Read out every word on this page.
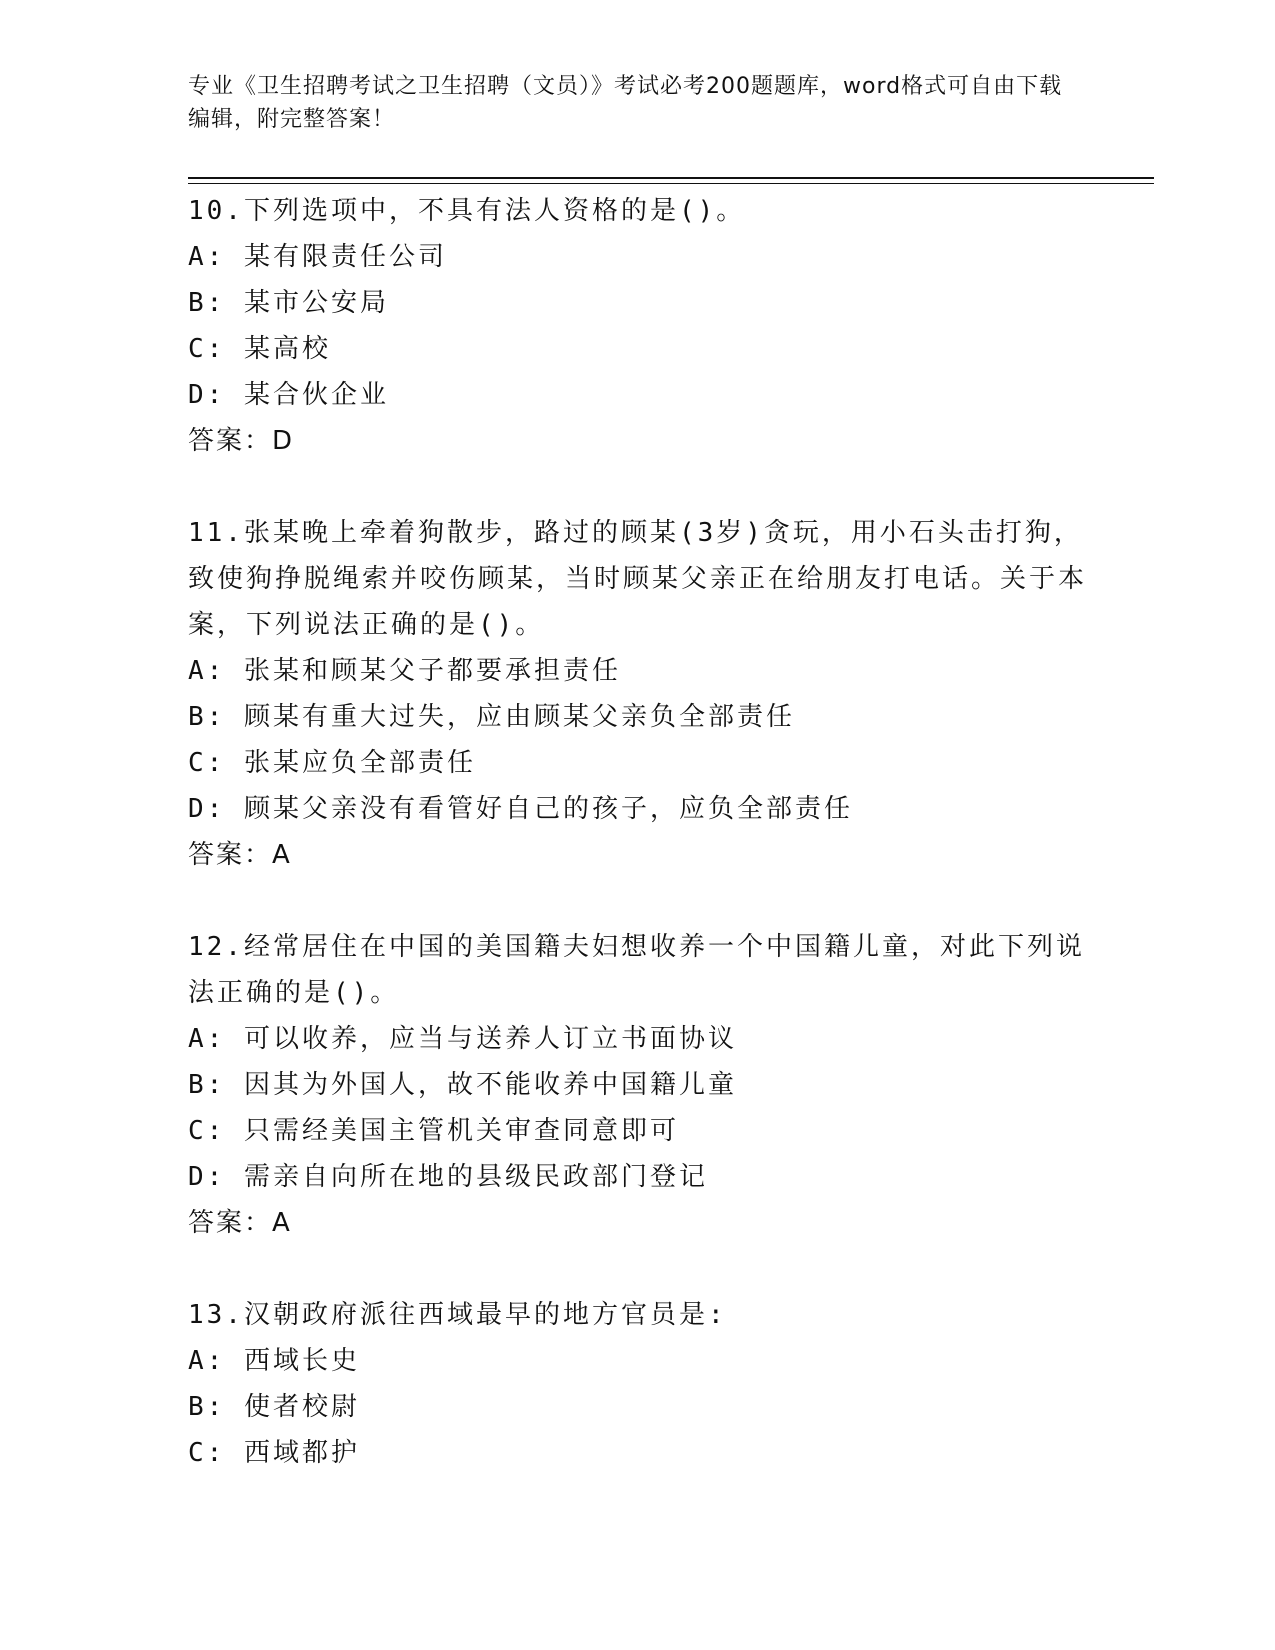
专业《卫生招聘考试之卫生招聘（文员）》考试必考200题题库，word格式可自由下载编辑，附完整答案！
10.下列选项中，不具有法人资格的是()。
A: 某有限责任公司
B: 某市公安局
C: 某高校
D: 某合伙企业
答案：D
11.张某晚上牵着狗散步，路过的顾某(3岁)贪玩，用小石头击打狗，致使狗挣脱绳索并咬伤顾某，当时顾某父亲正在给朋友打电话。关于本案，下列说法正确的是()。
A: 张某和顾某父子都要承担责任
B: 顾某有重大过失，应由顾某父亲负全部责任
C: 张某应负全部责任
D: 顾某父亲没有看管好自己的孩子，应负全部责任
答案：A
12.经常居住在中国的美国籍夫妇想收养一个中国籍儿童，对此下列说法正确的是()。
A: 可以收养，应当与送养人订立书面协议
B: 因其为外国人，故不能收养中国籍儿童
C: 只需经美国主管机关审查同意即可
D: 需亲自向所在地的县级民政部门登记
答案：A
13.汉朝政府派往西域最早的地方官员是:
A: 西域长史
B: 使者校尉
C: 西域都护
